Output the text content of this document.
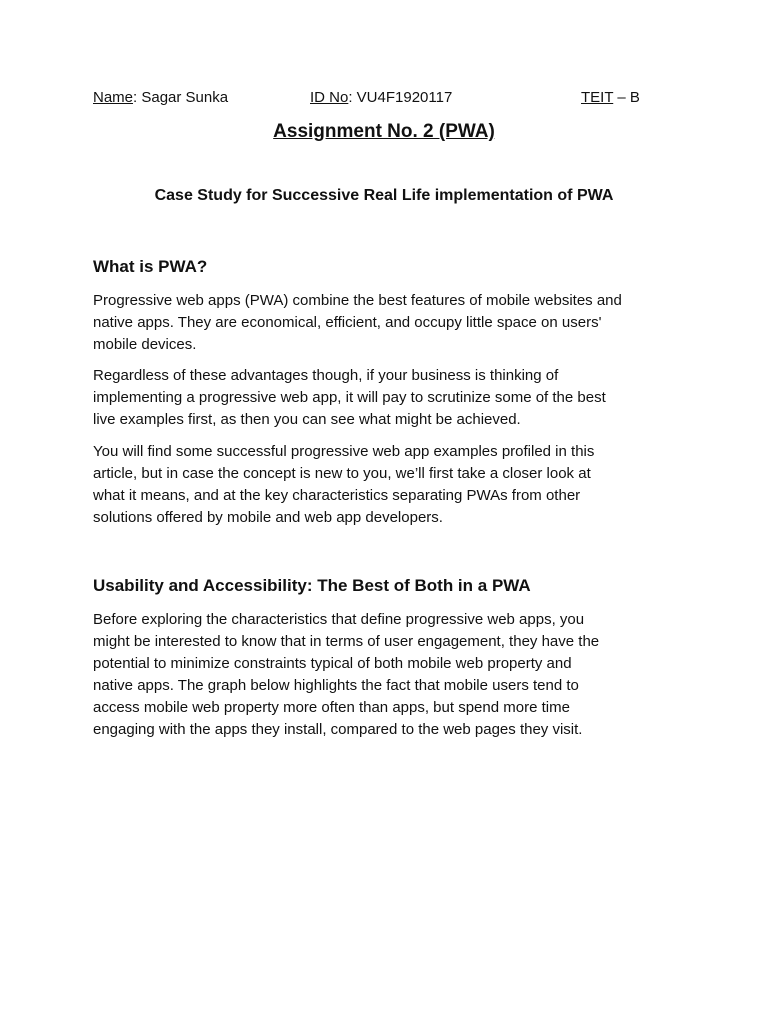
Name: Sagar Sunka	ID No: VU4F1920117	TEIT – B
Assignment No. 2 (PWA)
Case Study for Successive Real Life implementation of PWA
What is PWA?
Progressive web apps (PWA) combine the best features of mobile websites and
native apps. They are economical, efficient, and occupy little space on users'
mobile devices.
Regardless of these advantages though, if your business is thinking of
implementing a progressive web app, it will pay to scrutinize some of the best
live examples first, as then you can see what might be achieved.
You will find some successful progressive web app examples profiled in this
article, but in case the concept is new to you, we’ll first take a closer look at
what it means, and at the key characteristics separating PWAs from other
solutions offered by mobile and web app developers.
Usability and Accessibility: The Best of Both in a PWA
Before exploring the characteristics that define progressive web apps, you
might be interested to know that in terms of user engagement, they have the
potential to minimize constraints typical of both mobile web property and
native apps. The graph below highlights the fact that mobile users tend to
access mobile web property more often than apps, but spend more time
engaging with the apps they install, compared to the web pages they visit.
